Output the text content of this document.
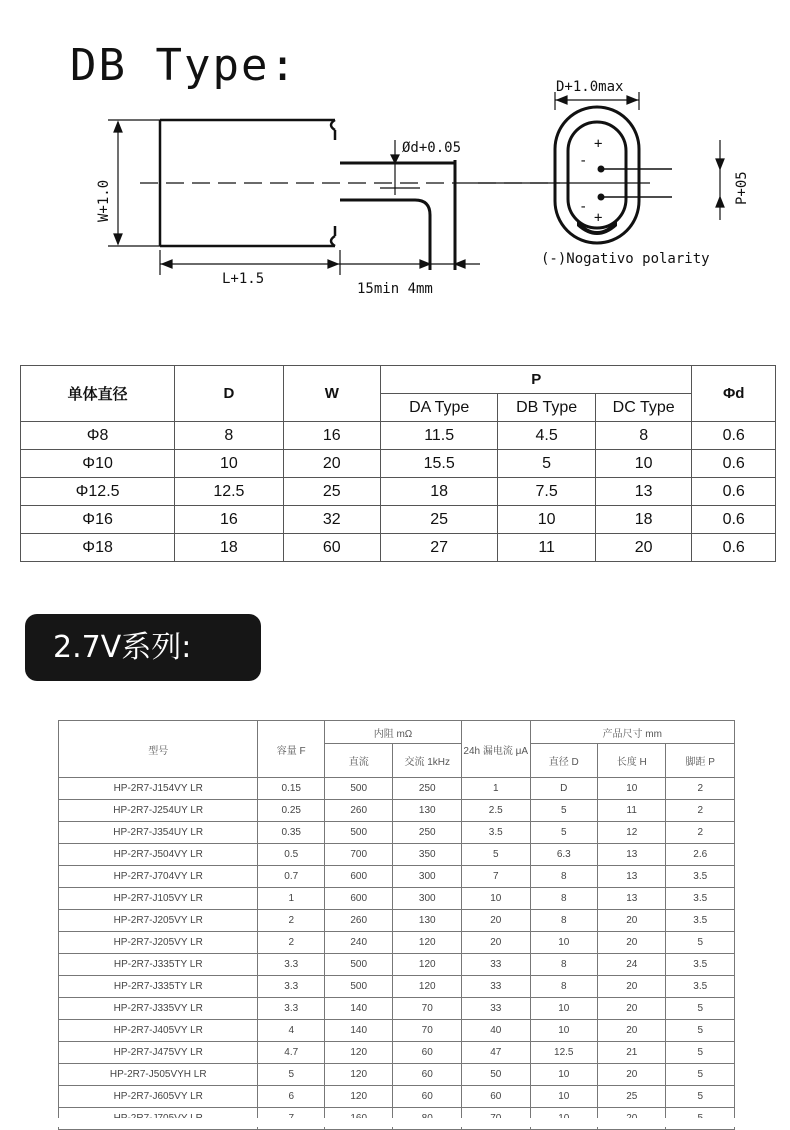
DB Type:
W+1.0
Ød+0.05
L+1.5
15min 4mm
-
-
+
+
D+1.0max
P+05
(-)Nogativo polarity
单体直径	D	W	P			Φd
			DA Type	DB Type	DC Type	
Φ8	8	16	11.5	4.5	8	0.6
Φ10	10	20	15.5	5	10	0.6
Φ12.5	12.5	25	18	7.5	13	0.6
Φ16	16	32	25	10	18	0.6
Φ18	18	60	27	11	20	0.6
2.7V系列:
型号	容量 F	内阻 mΩ		24h 漏电流 μA	产品尺寸 mm		
		直流	交流 1kHz		直径 D	长度 H	脚距 P
HP-2R7-J154VY LR	0.15	500	250	1	D	10	2
HP-2R7-J254UY LR	0.25	260	130	2.5	5	11	2
HP-2R7-J354UY LR	0.35	500	250	3.5	5	12	2
HP-2R7-J504VY LR	0.5	700	350	5	6.3	13	2.6
HP-2R7-J704VY LR	0.7	600	300	7	8	13	3.5
HP-2R7-J105VY LR	1	600	300	10	8	13	3.5
HP-2R7-J205VY LR	2	260	130	20	8	20	3.5
HP-2R7-J205VY LR	2	240	120	20	10	20	5
HP-2R7-J335TY LR	3.3	500	120	33	8	24	3.5
HP-2R7-J335TY LR	3.3	500	120	33	8	20	3.5
HP-2R7-J335VY LR	3.3	140	70	33	10	20	5
HP-2R7-J405VY LR	4	140	70	40	10	20	5
HP-2R7-J475VY LR	4.7	120	60	47	12.5	21	5
HP-2R7-J505VYH LR	5	120	60	50	10	20	5
HP-2R7-J605VY LR	6	120	60	60	10	25	5
